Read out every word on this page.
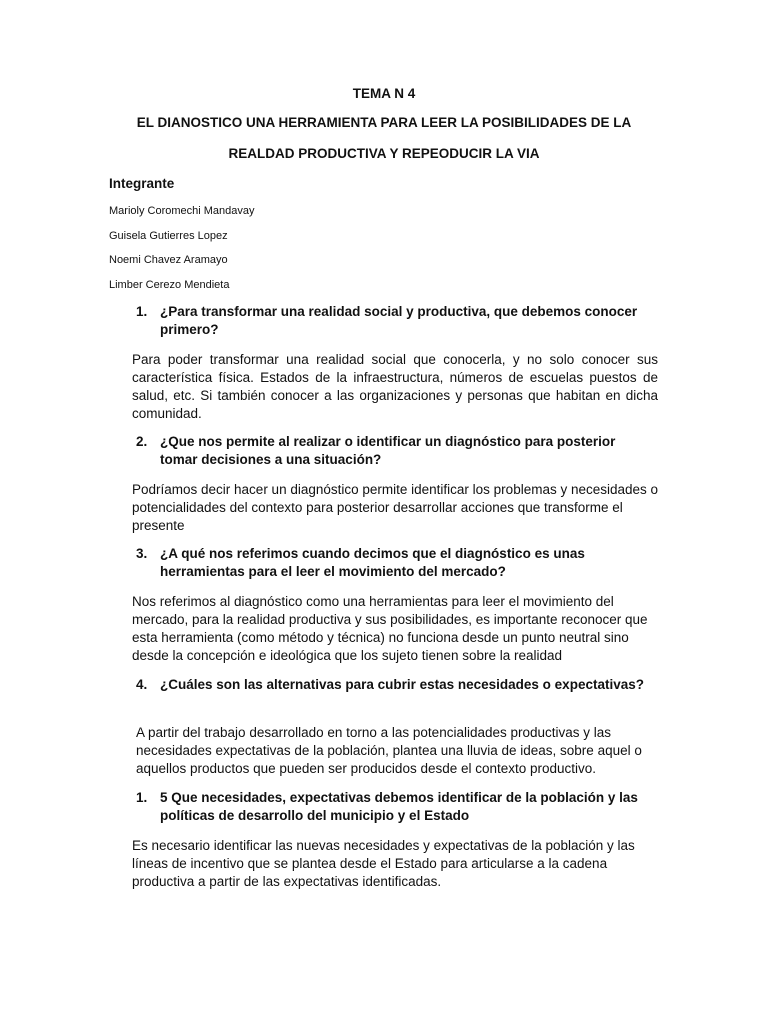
TEMA N 4
EL DIANOSTICO UNA HERRAMIENTA PARA LEER LA POSIBILIDADES DE LA
REALDAD PRODUCTIVA Y REPEODUCIR LA VIA
Integrante
Marioly Coromechi Mandavay
Guisela Gutierres Lopez
Noemi Chavez Aramayo
Limber Cerezo Mendieta
1. ¿Para transformar una realidad social y productiva, que debemos conocer primero?
Para poder transformar una realidad social que conocerla, y no solo conocer sus característica física. Estados de la infraestructura, números de escuelas puestos de salud, etc. Si también conocer a las organizaciones y personas que habitan en dicha comunidad.
2. ¿Que nos permite al realizar o identificar un diagnóstico para posterior tomar decisiones a una situación?
Podríamos decir hacer un diagnóstico permite identificar los problemas y necesidades o potencialidades del contexto para posterior desarrollar acciones que transforme el presente
3. ¿A qué nos referimos cuando decimos que el diagnóstico es unas herramientas para el leer el movimiento del mercado?
Nos referimos al diagnóstico como una herramientas para leer el movimiento del mercado, para la realidad productiva y sus posibilidades, es importante reconocer que esta herramienta (como método y técnica) no funciona desde un punto neutral sino desde la concepción e ideológica que los sujeto tienen sobre la realidad
4. ¿Cuáles son las alternativas para cubrir estas necesidades o expectativas?
A partir del trabajo desarrollado en torno a las potencialidades productivas y las necesidades expectativas de la población, plantea una lluvia de ideas, sobre aquel o aquellos productos que pueden ser producidos desde el contexto productivo.
1. 5 Que necesidades, expectativas debemos identificar de la población y las políticas de desarrollo del municipio y el Estado
Es necesario identificar las nuevas necesidades y expectativas de la población y las líneas de incentivo que se plantea desde el Estado para articularse a la cadena productiva a partir de las expectativas identificadas.
